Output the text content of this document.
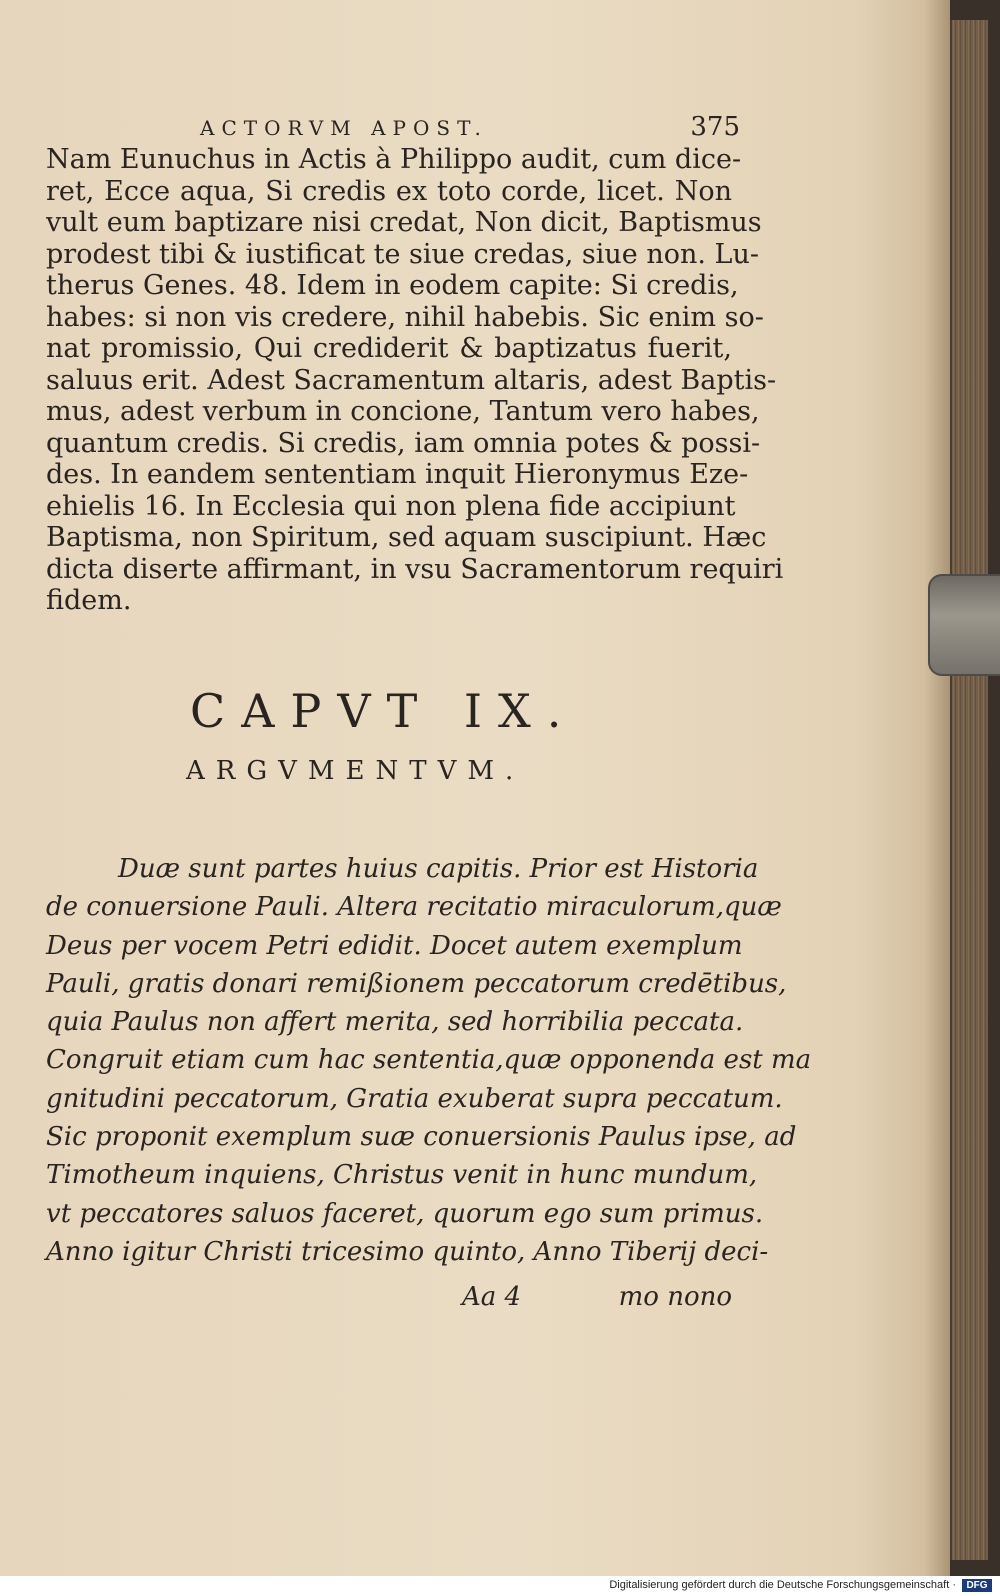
ACTORVM APOST.	375
Nam Eunuchus in Actis à Philippo audit, cum dice-
ret, Ecce aqua, Si credis ex toto corde, licet. Non
vult eum baptizare nisi credat, Non dicit, Baptismus
prodest tibi & iustificat te siue credas, siue non. Lu-
therus Genes. 48. Idem in eodem capite: Si credis,
habes: si non vis credere, nihil habebis. Sic enim so-
nat promissio, Qui crediderit & baptizatus fuerit,
saluus erit. Adest Sacramentum altaris, adest Baptis-
mus, adest verbum in concione, Tantum vero habes,
quantum credis. Si credis, iam omnia potes & possi-
des. In eandem sententiam inquit Hieronymus Eze-
ehielis 16. In Ecclesia qui non plena fide accipiunt
Baptisma, non Spiritum, sed aquam suscipiunt. Hæc
dicta diserte affirmant, in vsu Sacramentorum requiri
fidem.
CAPVT IX.
ARGVMENTVM.
Duæ sunt partes huius capitis. Prior est Historia
de conuersione Pauli. Altera recitatio miraculorum,quæ
Deus per vocem Petri edidit. Docet autem exemplum
Pauli, gratis donari remißionem peccatorum credētibus,
quia Paulus non affert merita, sed horribilia peccata.
Congruit etiam cum hac sententia,quæ opponenda est ma
gnitudini peccatorum, Gratia exuberat supra peccatum.
Sic proponit exemplum suæ conuersionis Paulus ipse, ad
Timotheum inquiens, Christus venit in hunc mundum,
vt peccatores saluos faceret, quorum ego sum primus.
Anno igitur Christi tricesimo quinto, Anno Tiberij deci-
Aa 4	mo nono
Digitalisierung gefördert durch die Deutsche Forschungsgemeinschaft ·	DFG
